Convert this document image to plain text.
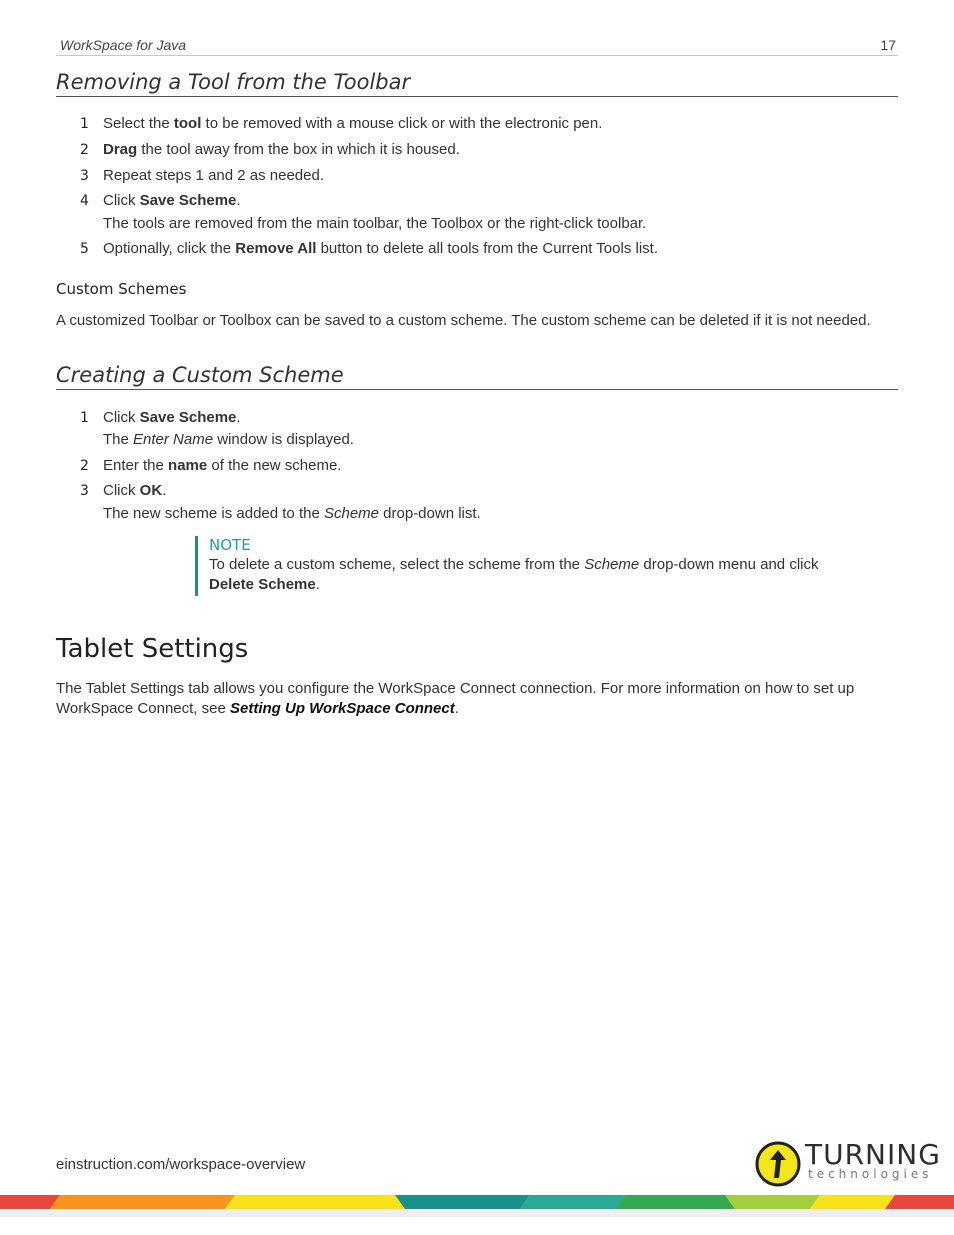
WorkSpace for Java	17
Removing a Tool from the Toolbar
1 Select the tool to be removed with a mouse click or with the electronic pen.
2 Drag the tool away from the box in which it is housed.
3 Repeat steps 1 and 2 as needed.
4 Click Save Scheme.
The tools are removed from the main toolbar, the Toolbox or the right-click toolbar.
5 Optionally, click the Remove All button to delete all tools from the Current Tools list.
Custom Schemes
A customized Toolbar or Toolbox can be saved to a custom scheme. The custom scheme can be deleted if it is not needed.
Creating a Custom Scheme
1 Click Save Scheme.
The Enter Name window is displayed.
2 Enter the name of the new scheme.
3 Click OK.
The new scheme is added to the Scheme drop-down list.
NOTE
To delete a custom scheme, select the scheme from the Scheme drop-down menu and click
Delete Scheme.
Tablet Settings
The Tablet Settings tab allows you configure the WorkSpace Connect connection. For more information on how to set up
WorkSpace Connect, see Setting Up WorkSpace Connect.
einstruction.com/workspace-overview	TURNING
technologies
